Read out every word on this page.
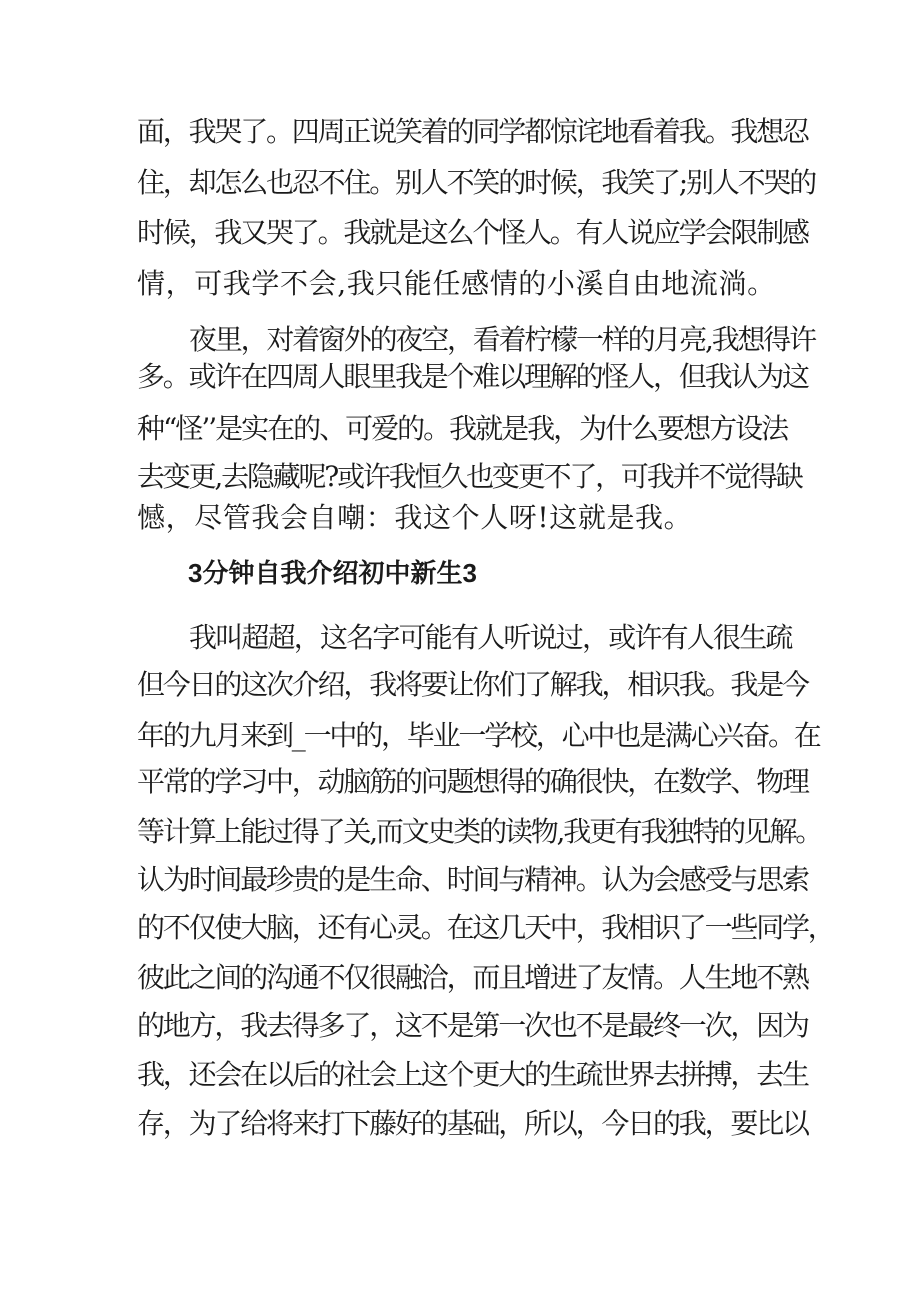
面，我哭了。四周正说笑着的同学都惊诧地看着我。我想忍
住，却怎么也忍不住。别人不笑的时候，我笑了;别人不哭的
时候，我又哭了。我就是这么个怪人。有人说应学会限制感
情，可我学不会,我只能任感情的小溪自由地流淌。
夜里，对着窗外的夜空，看着柠檬一样的月亮,我想得许
多。或许在四周人眼里我是个难以理解的怪人，但我认为这
种“怪’’是实在的、可爱的。我就是我，为什么要想方设法
去变更,去隐藏呢?或许我恒久也变更不了，可我并不觉得缺
憾，尽管我会自嘲：我这个人呀!这就是我。
3分钟自我介绍初中新生3
我叫超超，这名字可能有人听说过，或许有人很生疏
但今日的这次介绍，我将要让你们了解我，相识我。我是今
年的九月来到_一中的，毕业一学校，心中也是满心兴奋。在
平常的学习中，动脑筋的问题想得的确很快，在数学、物理
等计算上能过得了关,而文史类的读物,我更有我独特的见解。
认为时间最珍贵的是生命、时间与精神。认为会感受与思索
的不仅使大脑，还有心灵。在这几天中，我相识了一些同学，
彼此之间的沟通不仅很融洽，而且增进了友情。人生地不熟
的地方，我去得多了，这不是第一次也不是最终一次，因为
我，还会在以后的社会上这个更大的生疏世界去拼搏，去生
存，为了给将来打下藤好的基础，所以，今日的我，要比以
